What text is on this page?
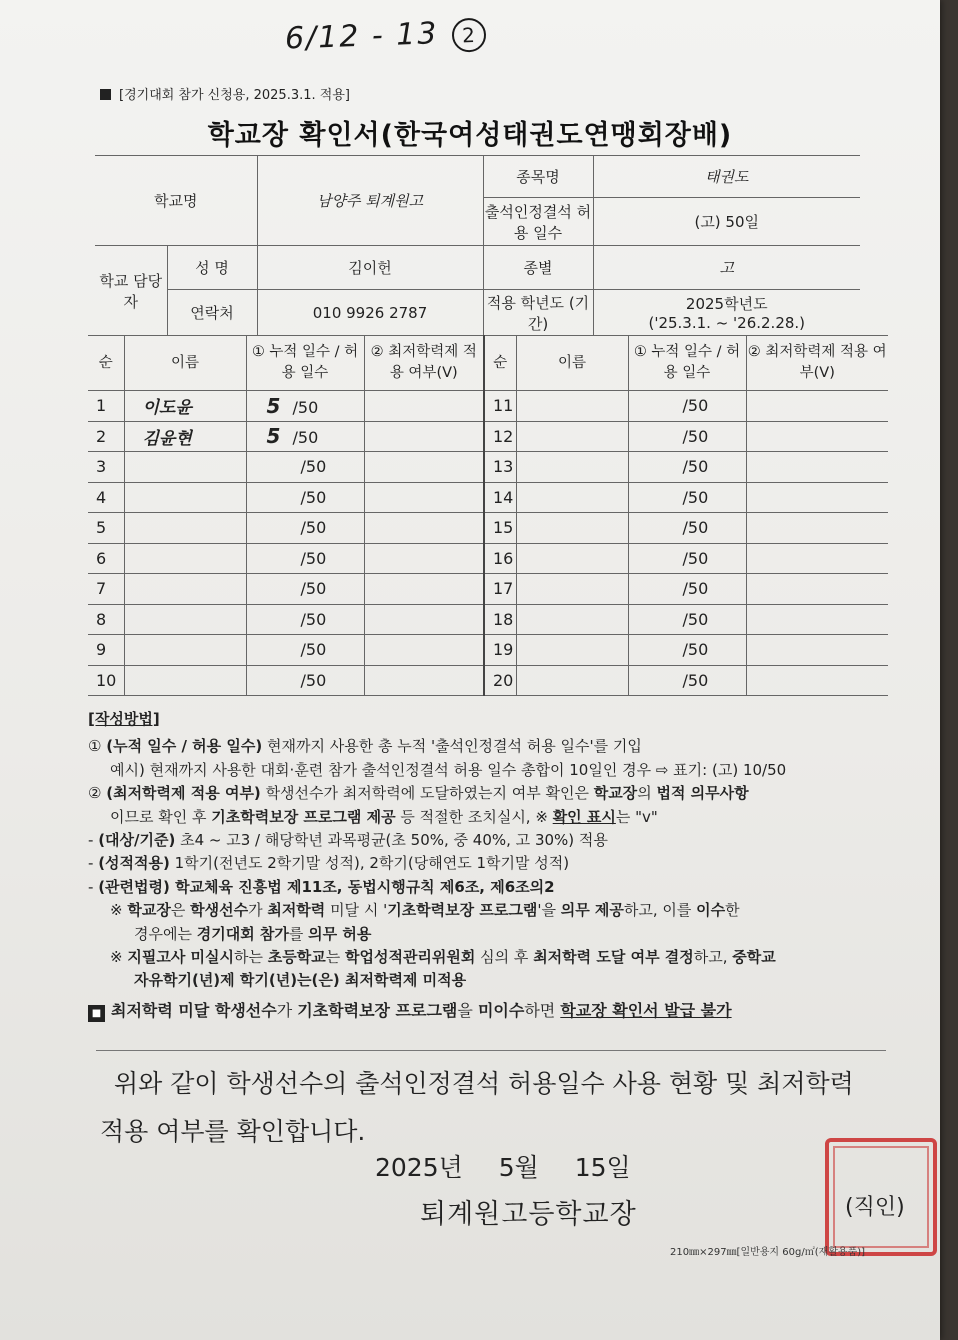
6/12 - 13 2
[경기대회 참가 신청용, 2025.3.1. 적용]
학교장 확인서(한국여성태권도연맹회장배)
학교명		남양주 퇴계원고	종목명	태권도
			출석인정결석 허용 일수	(고) 50일
학교 담당자	성 명	김이헌	종별	고
	연락처	010 9926 2787	적용 학년도 (기간)	2025학년도
('25.3.1. ~ '26.2.28.)
순	이름	① 누적 일수 / 허용 일수	② 최저학력제 적용 여부(V)	순	이름	① 누적 일수 / 허용 일수	② 최저학력제 적용 여부(V)
1	이도윤	5 /50		11		/50	
2	김윤현	5 /50		12		/50	
3		/50		13		/50	
4		/50		14		/50	
5		/50		15		/50	
6		/50		16		/50	
7		/50		17		/50	
8		/50		18		/50	
9		/50		19		/50	
10		/50		20		/50	
[작성방법]
① (누적 일수 / 허용 일수) 현재까지 사용한 총 누적 '출석인정결석 허용 일수'를 기입
예시) 현재까지 사용한 대회·훈련 참가 출석인정결석 허용 일수 총합이 10일인 경우 ⇨ 표기: (고) 10/50
② (최저학력제 적용 여부) 학생선수가 최저학력에 도달하였는지 여부 확인은 학교장의 법적 의무사항
이므로 확인 후 기초학력보장 프로그램 제공 등 적절한 조치실시, ※ 확인 표시는 "v"
- (대상/기준) 초4 ~ 고3 / 해당학년 과목평균(초 50%, 중 40%, 고 30%) 적용
- (성적적용) 1학기(전년도 2학기말 성적), 2학기(당해연도 1학기말 성적)
- (관련법령) 학교체육 진흥법 제11조, 동법시행규칙 제6조, 제6조의2
※ 학교장은 학생선수가 최저학력 미달 시 '기초학력보장 프로그램'을 의무 제공하고, 이를 이수한
경우에는 경기대회 참가를 의무 허용
※ 지필고사 미실시하는 초등학교는 학업성적관리위원회 심의 후 최저학력 도달 여부 결정하고, 중학교
자유학기(년)제 학기(년)는(은) 최저학력제 미적용
■ 최저학력 미달 학생선수가 기초학력보장 프로그램을 미이수하면 학교장 확인서 발급 불가
위와 같이 학생선수의 출석인정결석 허용일수 사용 현황 및 최저학력
적용 여부를 확인합니다.
2025년 5월 15일
퇴계원고등학교장	(직인)
210㎜×297㎜[일반용지 60g/㎡(재활용품)]
